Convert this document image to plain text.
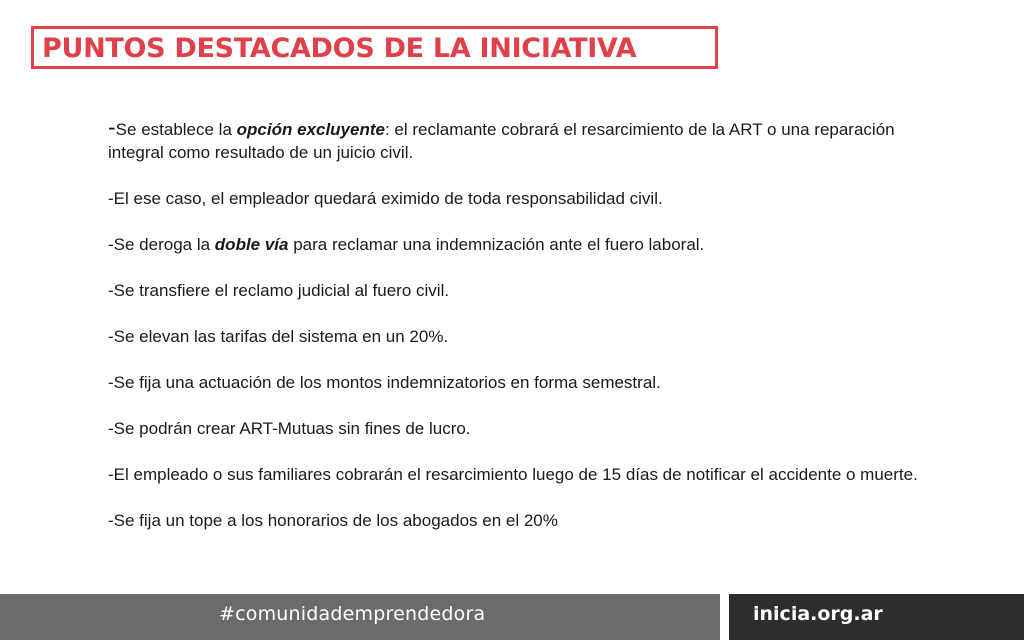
PUNTOS DESTACADOS DE LA INICIATIVA
-Se establece la opción excluyente: el reclamante cobrará el resarcimiento de la ART o una reparación integral como resultado de un juicio civil.
-El ese caso, el empleador quedará eximido de toda responsabilidad civil.
-Se deroga la doble vía para reclamar una indemnización ante el fuero laboral.
-Se transfiere el reclamo judicial al fuero civil.
-Se elevan las tarifas del sistema en un 20%.
-Se fija una actuación de los montos indemnizatorios en forma semestral.
-Se podrán crear ART-Mutuas sin fines de lucro.
-El empleado o sus familiares cobrarán el resarcimiento luego de 15 días de notificar el accidente o muerte.
-Se fija un tope a los honorarios de los abogados en el 20%
#comunidademprendedora	inicia.org.ar
